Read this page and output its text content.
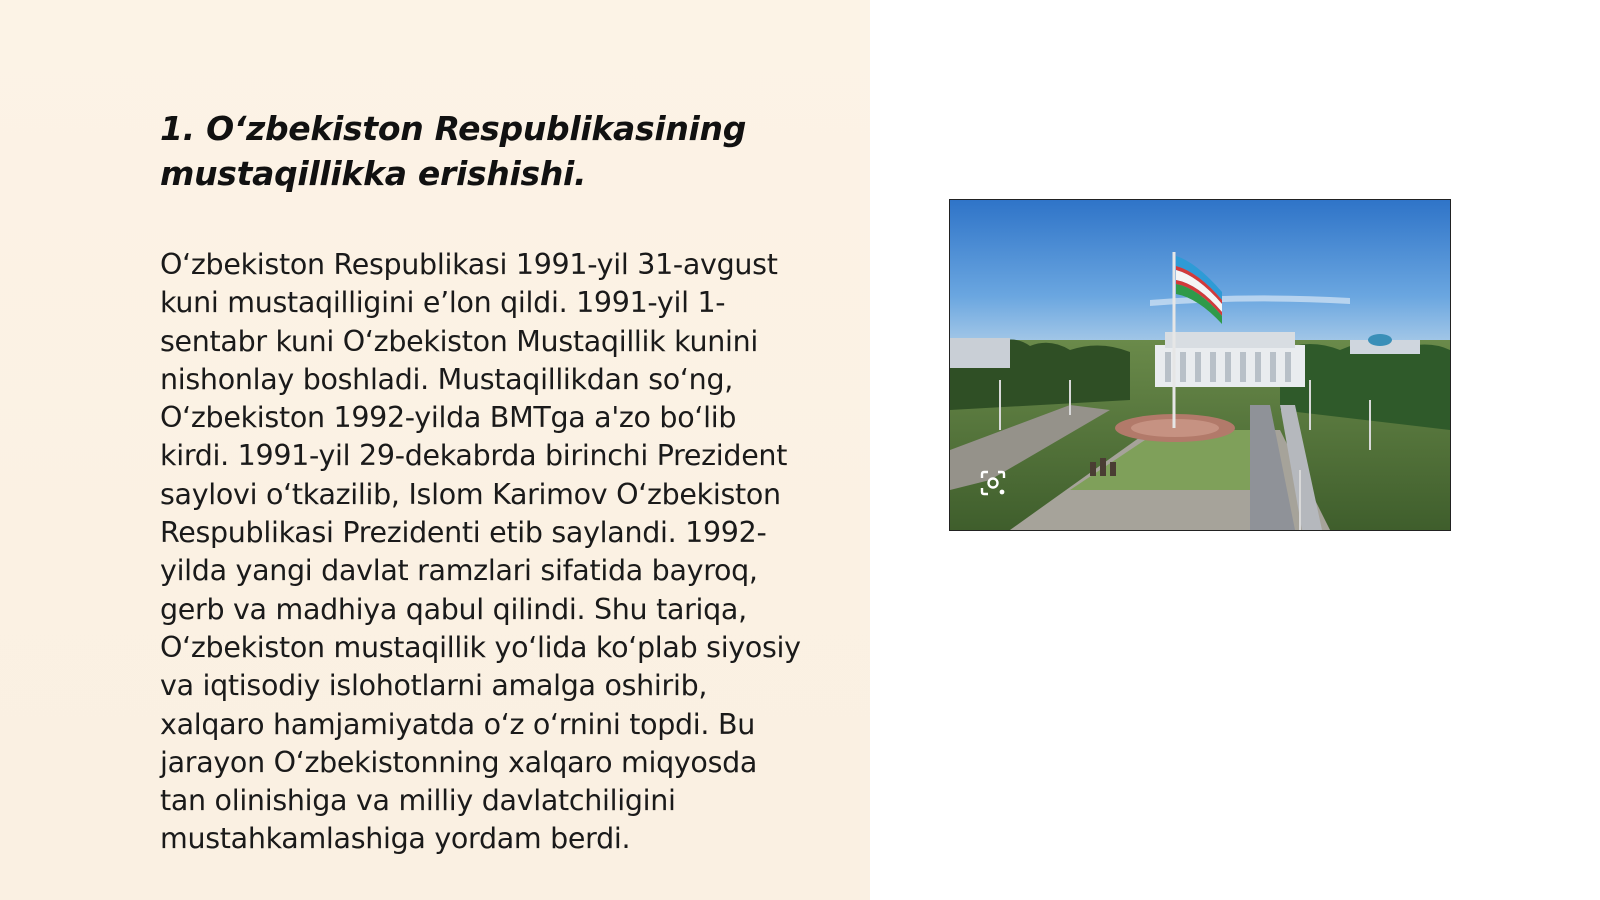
1. O‘zbekiston Respublikasining mustaqillikka erishishi.
O‘zbekiston Respublikasi 1991-yil 31-avgust
kuni mustaqilligini e’lon qildi. 1991-yil 1-
sentabr kuni O‘zbekiston Mustaqillik kunini
nishonlay boshladi. Mustaqillikdan so‘ng,
O‘zbekiston 1992-yilda BMTga a'zo bo‘lib
kirdi. 1991-yil 29-dekabrda birinchi Prezident
saylovi o‘tkazilib, Islom Karimov O‘zbekiston
Respublikasi Prezidenti etib saylandi. 1992-
yilda yangi davlat ramzlari sifatida bayroq,
gerb va madhiya qabul qilindi. Shu tariqa,
O‘zbekiston mustaqillik yo‘lida ko‘plab siyosiy
va iqtisodiy islohotlarni amalga oshirib,
xalqaro hamjamiyatda o‘z o‘rnini topdi. Bu
jarayon O‘zbekistonning xalqaro miqyosda
tan olinishiga va milliy davlatchiligini
mustahkamlashiga yordam berdi.
